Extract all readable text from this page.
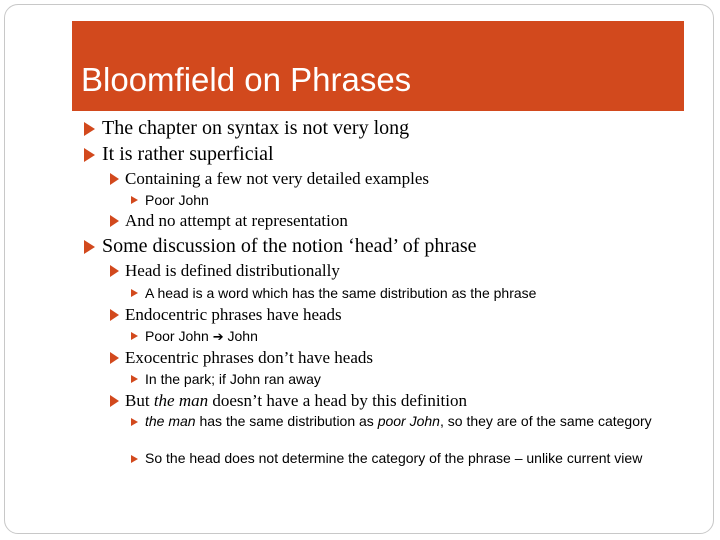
Bloomfield on Phrases
The chapter on syntax is not very long
It is rather superficial
Containing a few not very detailed examples
Poor John
And no attempt at representation
Some discussion of the notion ‘head’ of phrase
Head is defined distributionally
A head is a word which has the same distribution as the phrase
Endocentric phrases have heads
Poor John ➔ John
Exocentric phrases don’t have heads
In the park; if John ran away
But the man doesn’t have a head by this definition
the man has the same distribution as poor John, so they are of the same category
So the head does not determine the category of the phrase – unlike current view
